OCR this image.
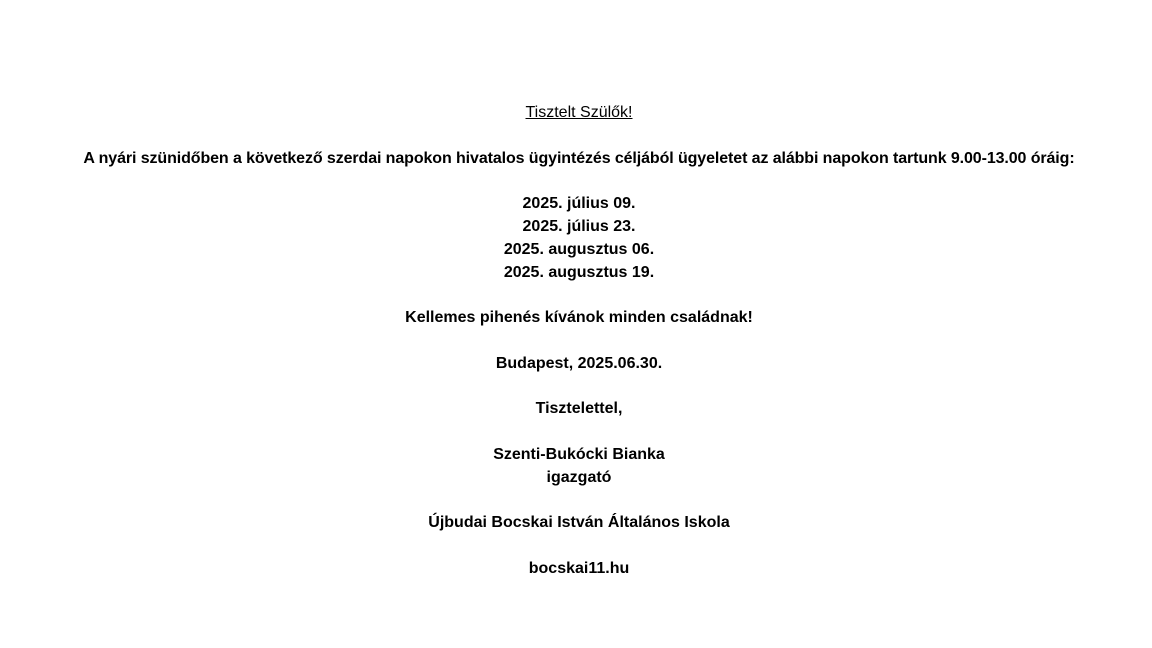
Tisztelt Szülők!
A nyári szünidőben a következő szerdai napokon hivatalos ügyintézés céljából ügyeletet az alábbi napokon tartunk 9.00-13.00 óráig:
2025. július 09.
2025. július 23.
2025. augusztus 06.
2025. augusztus 19.
Kellemes pihenés kívánok minden családnak!
Budapest, 2025.06.30.
Tisztelettel,
Szenti-Bukócki Bianka
igazgató
Újbudai Bocskai István Általános Iskola
bocskai11.hu
